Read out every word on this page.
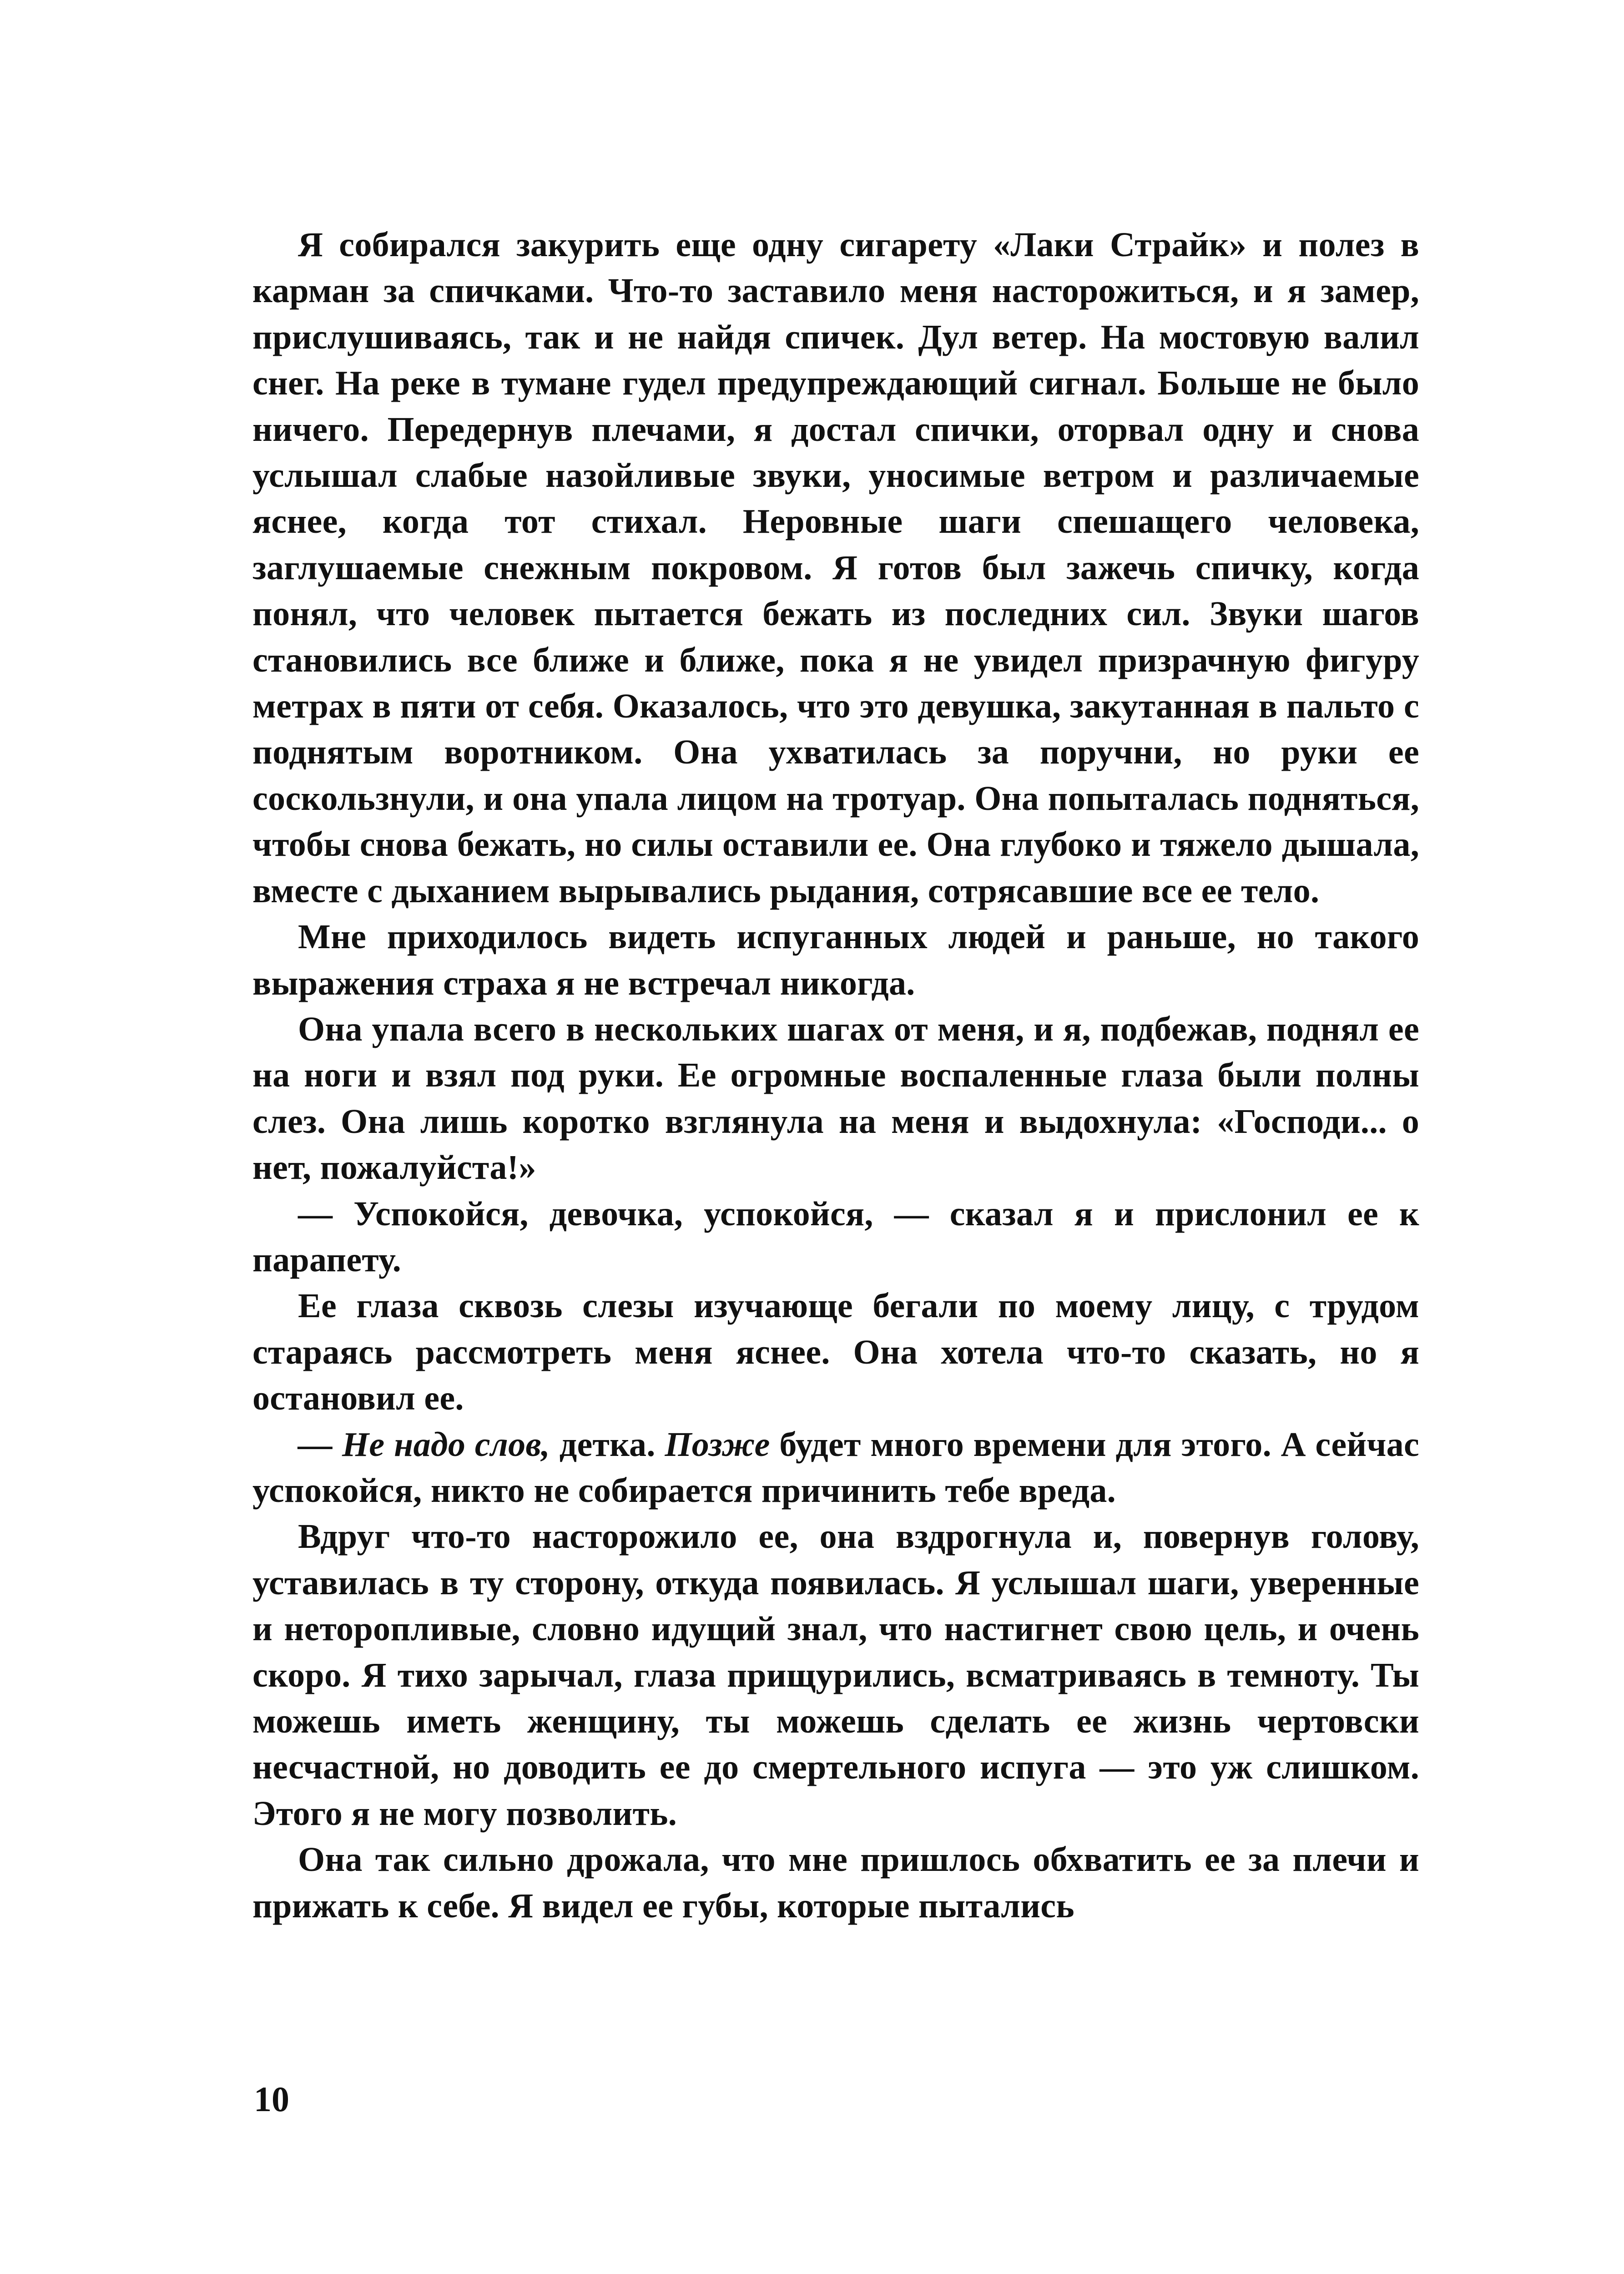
Я собирался закурить еще одну сигарету «Лаки Страйк» и полез в карман за спичками. Что-то заставило меня насторожиться, и я замер, прислушиваясь, так и не найдя спичек. Дул ветер. На мостовую валил снег. На реке в тумане гудел предупреждающий сигнал. Больше не было ничего. Передернув плечами, я достал спички, оторвал одну и снова услышал слабые назойливые звуки, уносимые ветром и различаемые яснее, когда тот стихал. Неровные шаги спешащего человека, заглушаемые снежным покровом. Я готов был зажечь спичку, когда понял, что человек пытается бежать из последних сил. Звуки шагов становились все ближе и ближе, пока я не увидел призрачную фигуру метрах в пяти от себя. Оказалось, что это девушка, закутанная в пальто с поднятым воротником. Она ухватилась за поручни, но руки ее соскользнули, и она упала лицом на тротуар. Она попыталась подняться, чтобы снова бежать, но силы оставили ее. Она глубоко и тяжело дышала, вместе с дыханием вырывались рыдания, сотрясавшие все ее тело.

Мне приходилось видеть испуганных людей и раньше, но такого выражения страха я не встречал никогда.

Она упала всего в нескольких шагах от меня, и я, подбежав, поднял ее на ноги и взял под руки. Ее огромные воспаленные глаза были полны слез. Она лишь коротко взглянула на меня и выдохнула: «Господи... о нет, пожалуйста!»

— Успокойся, девочка, успокойся, — сказал я и прислонил ее к парапету.

Ее глаза сквозь слезы изучающе бегали по моему лицу, с трудом стараясь рассмотреть меня яснее. Она хотела что-то сказать, но я остановил ее.

— Не надо слов, детка. Позже будет много времени для этого. А сейчас успокойся, никто не собирается причинить тебе вреда.

Вдруг что-то насторожило ее, она вздрогнула и, повернув голову, уставилась в ту сторону, откуда появилась. Я услышал шаги, уверенные и неторопливые, словно идущий знал, что настигнет свою цель, и очень скоро. Я тихо зарычал, глаза прищурились, всматриваясь в темноту. Ты можешь иметь женщину, ты можешь сделать ее жизнь чертовски несчастной, но доводить ее до смертельного испуга — это уж слишком. Этого я не могу позволить.

Она так сильно дрожала, что мне пришлось обхватить ее за плечи и прижать к себе. Я видел ее губы, которые пытались

10
